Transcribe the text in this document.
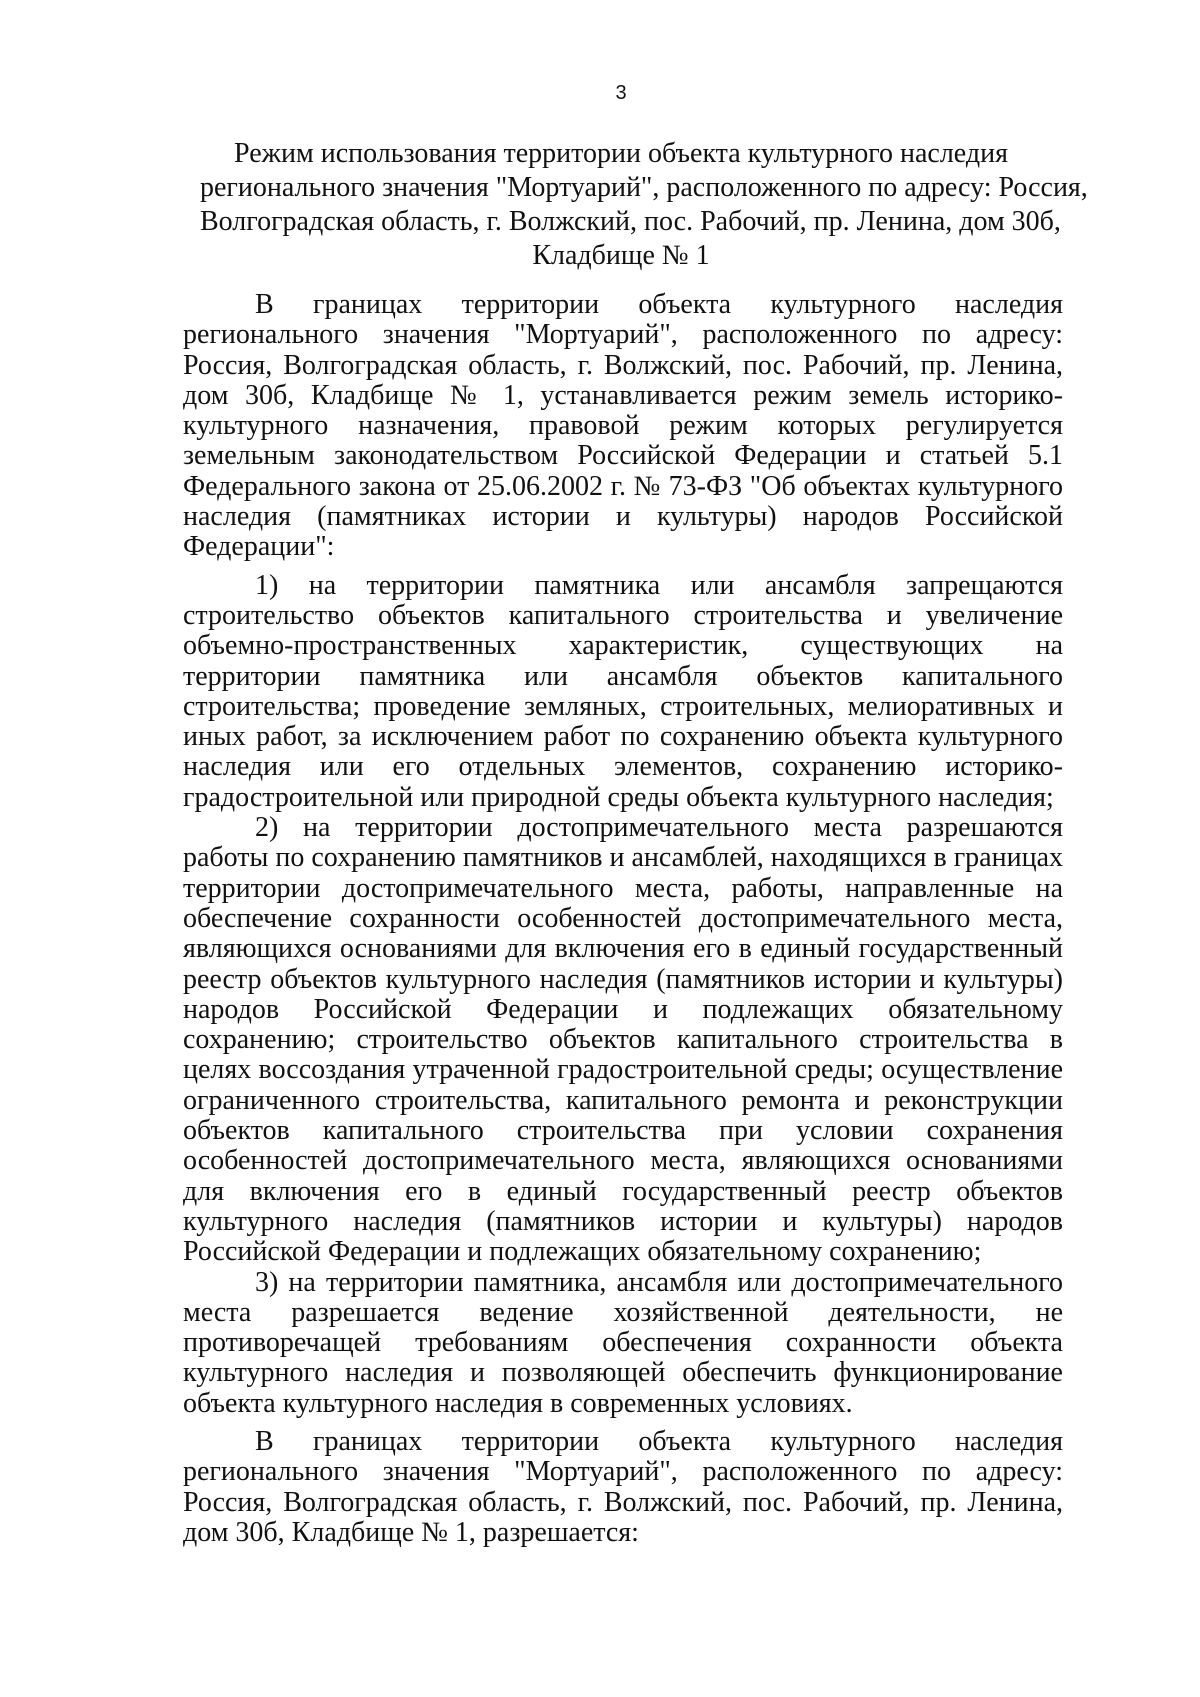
3
Режим использования территории объекта культурного наследия
регионального значения "Мортуарий", расположенного по адресу: Россия,
Волгоградская область, г. Волжский, пос. Рабочий, пр. Ленина, дом 30б,
Кладбище № 1

В границах территории объекта культурного наследия регионального значения "Мортуарий", расположенного по адресу: Россия, Волгоградская область, г. Волжский, пос. Рабочий, пр. Ленина, дом 30б, Кладбище № 1, устанавливается режим земель историко-культурного назначения, правовой режим которых регулируется земельным законодательством Российской Федерации и статьей 5.1 Федерального закона от 25.06.2002 г. № 73-ФЗ "Об объектах культурного наследия (памятниках истории и культуры) народов Российской Федерации":

1) на территории памятника или ансамбля запрещаются строительство объектов капитального строительства и увеличение объемно-пространственных характеристик, существующих на территории памятника или ансамбля объектов капитального строительства; проведение земляных, строительных, мелиоративных и иных работ, за исключением работ по сохранению объекта культурного наследия или его отдельных элементов, сохранению историко- градостроительной или природной среды объекта культурного наследия;

2) на территории достопримечательного места разрешаются работы по сохранению памятников и ансамблей, находящихся в границах территории достопримечательного места, работы, направленные на обеспечение сохранности особенностей достопримечательного места, являющихся основаниями для включения его в единый государственный реестр объектов культурного наследия (памятников истории и культуры) народов Российской Федерации и подлежащих обязательному сохранению; строительство объектов капитального строительства в целях воссоздания утраченной градостроительной среды; осуществление ограниченного строительства, капитального ремонта и реконструкции объектов капитального строительства при условии сохранения особенностей достопримечательного места, являющихся основаниями для включения его в единый государственный реестр объектов культурного наследия (памятников истории и культуры) народов Российской Федерации и подлежащих обязательному сохранению;

3) на территории памятника, ансамбля или достопримечательного места разрешается ведение хозяйственной деятельности, не противоречащей требованиям обеспечения сохранности объекта культурного наследия и позволяющей обеспечить функционирование объекта культурного наследия в современных условиях.

В границах территории объекта культурного наследия регионального значения "Мортуарий", расположенного по адресу: Россия, Волгоградская область, г. Волжский, пос. Рабочий, пр. Ленина, дом 30б, Кладбище № 1, разрешается:
